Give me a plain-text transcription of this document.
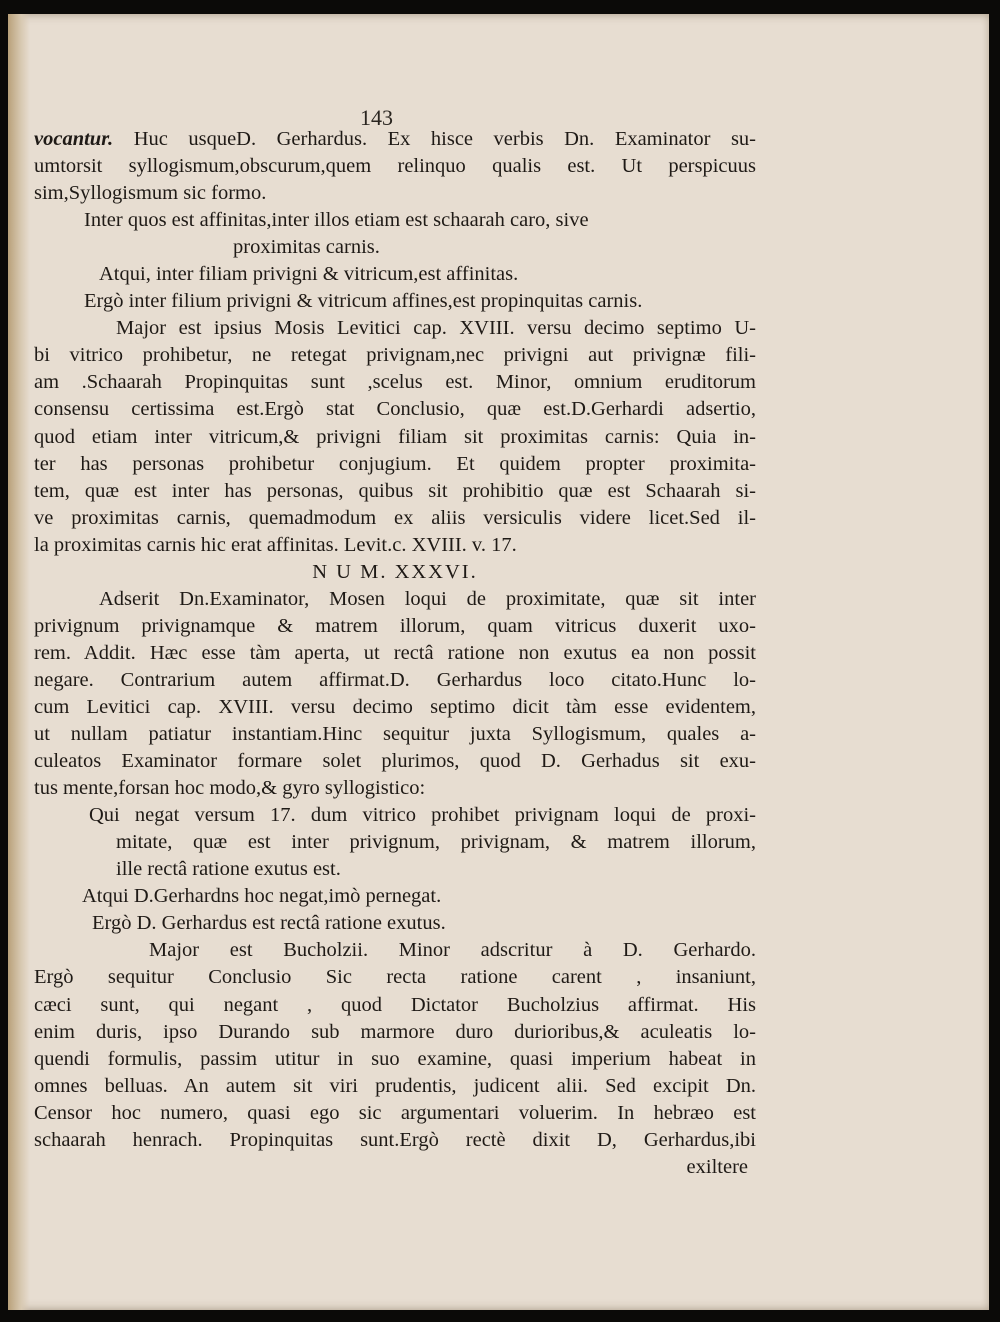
143
vocantur. Huc usqueD. Gerhardus. Ex hisce verbis Dn. Examinator su-
umtorsit syllogismum,obscurum,quem relinquo qualis est. Ut perspicuus
sim,Syllogismum sic formo.
Inter quos est affinitas,inter illos etiam est schaarah caro, sive
proximitas carnis.
Atqui, inter filiam privigni & vitricum,est affinitas.
Ergò inter filium privigni & vitricum affines,est propinquitas carnis.
Major est ipsius Mosis Levitici cap. XVIII. versu decimo septimo U-
bi vitrico prohibetur, ne retegat privignam,nec privigni aut privignæ fili-
am .Schaarah Propinquitas sunt ,scelus est. Minor, omnium eruditorum
consensu certissima est.Ergò stat Conclusio, quæ est.D.Gerhardi adsertio,
quod etiam inter vitricum,& privigni filiam sit proximitas carnis: Quia in-
ter has personas prohibetur conjugium. Et quidem propter proximita-
tem, quæ est inter has personas, quibus sit prohibitio quæ est Schaarah si-
ve proximitas carnis, quemadmodum ex aliis versiculis videre licet.Sed il-
la proximitas carnis hic erat affinitas. Levit.c. XVIII. v. 17.
N U M. XXXVI.
Adserit Dn.Examinator, Mosen loqui de proximitate, quæ sit inter
privignum privignamque & matrem illorum, quam vitricus duxerit uxo-
rem. Addit. Hæc esse tàm aperta, ut rectâ ratione non exutus ea non possit
negare. Contrarium autem affirmat.D. Gerhardus loco citato.Hunc lo-
cum Levitici cap. XVIII. versu decimo septimo dicit tàm esse evidentem,
ut nullam patiatur instantiam.Hinc sequitur juxta Syllogismum, quales a-
culeatos Examinator formare solet plurimos, quod D. Gerhadus sit exu-
tus mente,forsan hoc modo,& gyro syllogistico:
Qui negat versum 17. dum vitrico prohibet privignam loqui de proxi-
mitate, quæ est inter privignum, privignam, & matrem illorum,
ille rectâ ratione exutus est.
Atqui D.Gerhardns hoc negat,imò pernegat.
Ergò D. Gerhardus est rectâ ratione exutus.
Major est Bucholzii. Minor adscritur à D. Gerhardo.
Ergò sequitur Conclusio Sic recta ratione carent , insaniunt,
cæci sunt, qui negant , quod Dictator Bucholzius affirmat. His
enim duris, ipso Durando sub marmore duro durioribus,& aculeatis lo-
quendi formulis, passim utitur in suo examine, quasi imperium habeat in
omnes belluas. An autem sit viri prudentis, judicent alii. Sed excipit Dn.
Censor hoc numero, quasi ego sic argumentari voluerim. In hebræo est
schaarah henrach. Propinquitas sunt.Ergò rectè dixit D, Gerhardus,ibi
exiltere
